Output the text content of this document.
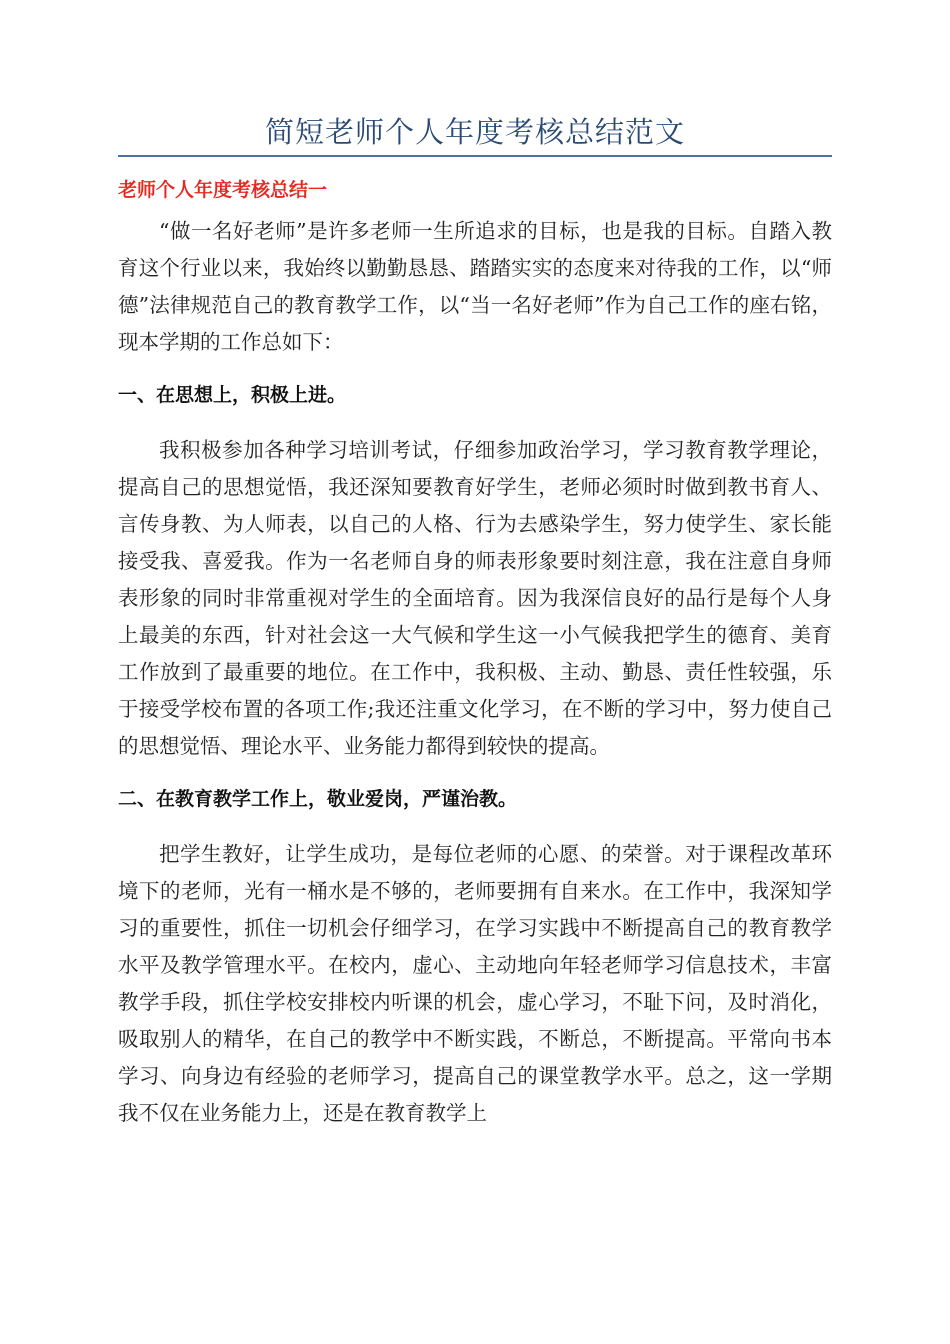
简短老师个人年度考核总结范文
老师个人年度考核总结一

“做一名好老师”是许多老师一生所追求的目标，也是我的目标。自踏入教育这个行业以来，我始终以勤勤恳恳、踏踏实实的态度来对待我的工作，以“师德”法律规范自己的教育教学工作，以“当一名好老师”作为自己工作的座右铭，现本学期的工作总如下：

一、在思想上，积极上进。

我积极参加各种学习培训考试，仔细参加政治学习，学习教育教学理论，提高自己的思想觉悟，我还深知要教育好学生，老师必须时时做到教书育人、言传身教、为人师表，以自己的人格、行为去感染学生，努力使学生、家长能接受我、喜爱我。作为一名老师自身的师表形象要时刻注意，我在注意自身师表形象的同时非常重视对学生的全面培育。因为我深信良好的品行是每个人身上最美的东西，针对社会这一大气候和学生这一小气候我把学生的德育、美育工作放到了最重要的地位。在工作中，我积极、主动、勤恳、责任性较强，乐于接受学校布置的各项工作;我还注重文化学习，在不断的学习中，努力使自己的思想觉悟、理论水平、业务能力都得到较快的提高。

二、在教育教学工作上，敬业爱岗，严谨治教。

把学生教好，让学生成功，是每位老师的心愿、的荣誉。对于课程改革环境下的老师，光有一桶水是不够的，老师要拥有自来水。在工作中，我深知学习的重要性，抓住一切机会仔细学习，在学习实践中不断提高自己的教育教学水平及教学管理水平。在校内，虚心、主动地向年轻老师学习信息技术，丰富教学手段，抓住学校安排校内听课的机会，虚心学习，不耻下问，及时消化，吸取别人的精华，在自己的教学中不断实践，不断总，不断提高。平常向书本学习、向身边有经验的老师学习，提高自己的课堂教学水平。总之，这一学期我不仅在业务能力上，还是在教育教学上
